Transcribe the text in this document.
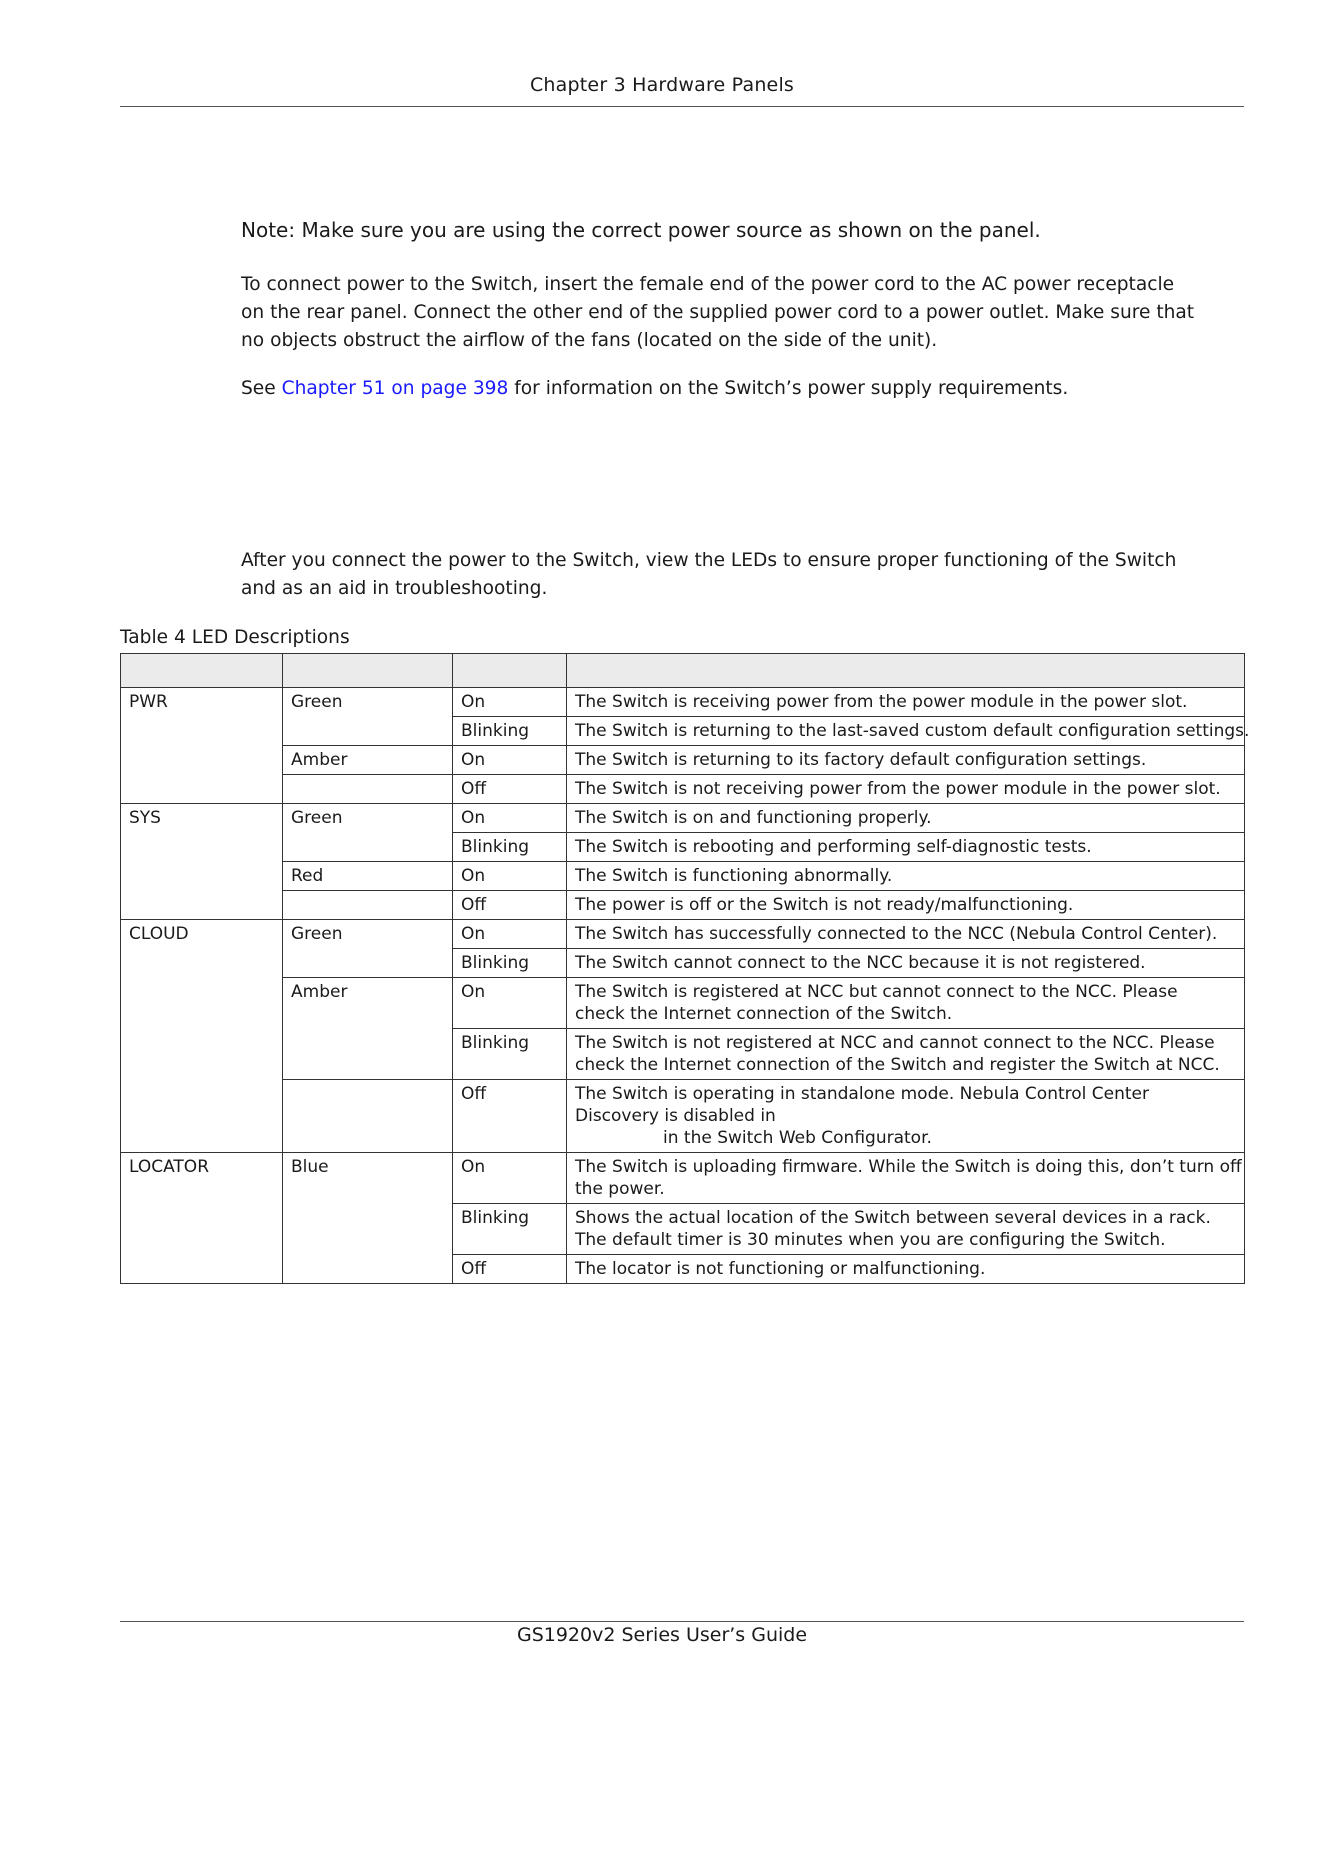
Chapter 3 Hardware Panels
Note: Make sure you are using the correct power source as shown on the panel.
To connect power to the Switch, insert the female end of the power cord to the AC power receptacle
on the rear panel. Connect the other end of the supplied power cord to a power outlet. Make sure that
no objects obstruct the airflow of the fans (located on the side of the unit).
See Chapter 51 on page 398 for information on the Switch’s power supply requirements.
After you connect the power to the Switch, view the LEDs to ensure proper functioning of the Switch
and as an aid in troubleshooting.
Table 4 LED Descriptions

PWR	Green	On	The Switch is receiving power from the power module in the power slot.

		Blinking	The Switch is returning to the last-saved custom default configuration settings.

	Amber	On	The Switch is returning to its factory default configuration settings.

		Off	The Switch is not receiving power from the power module in the power slot.

SYS	Green	On	The Switch is on and functioning properly.

		Blinking	The Switch is rebooting and performing self-diagnostic tests.

	Red	On	The Switch is functioning abnormally.

		Off	The power is off or the Switch is not ready/malfunctioning.

CLOUD	Green	On	The Switch has successfully connected to the NCC (Nebula Control Center).

		Blinking	The Switch cannot connect to the NCC because it is not registered.

	Amber	On	The Switch is registered at NCC but cannot connect to the NCC. Please
check the Internet connection of the Switch.

		Blinking	The Switch is not registered at NCC and cannot connect to the NCC. Please
check the Internet connection of the Switch and register the Switch at NCC.

		Off	The Switch is operating in standalone mode. Nebula Control Center
Discovery is disabled in
in the Switch Web Configurator.

LOCATOR	Blue	On	The Switch is uploading firmware. While the Switch is doing this, don’t turn off
the power.

		Blinking	Shows the actual location of the Switch between several devices in a rack.
The default timer is 30 minutes when you are configuring the Switch.

		Off	The locator is not functioning or malfunctioning.
GS1920v2 Series User’s Guide
